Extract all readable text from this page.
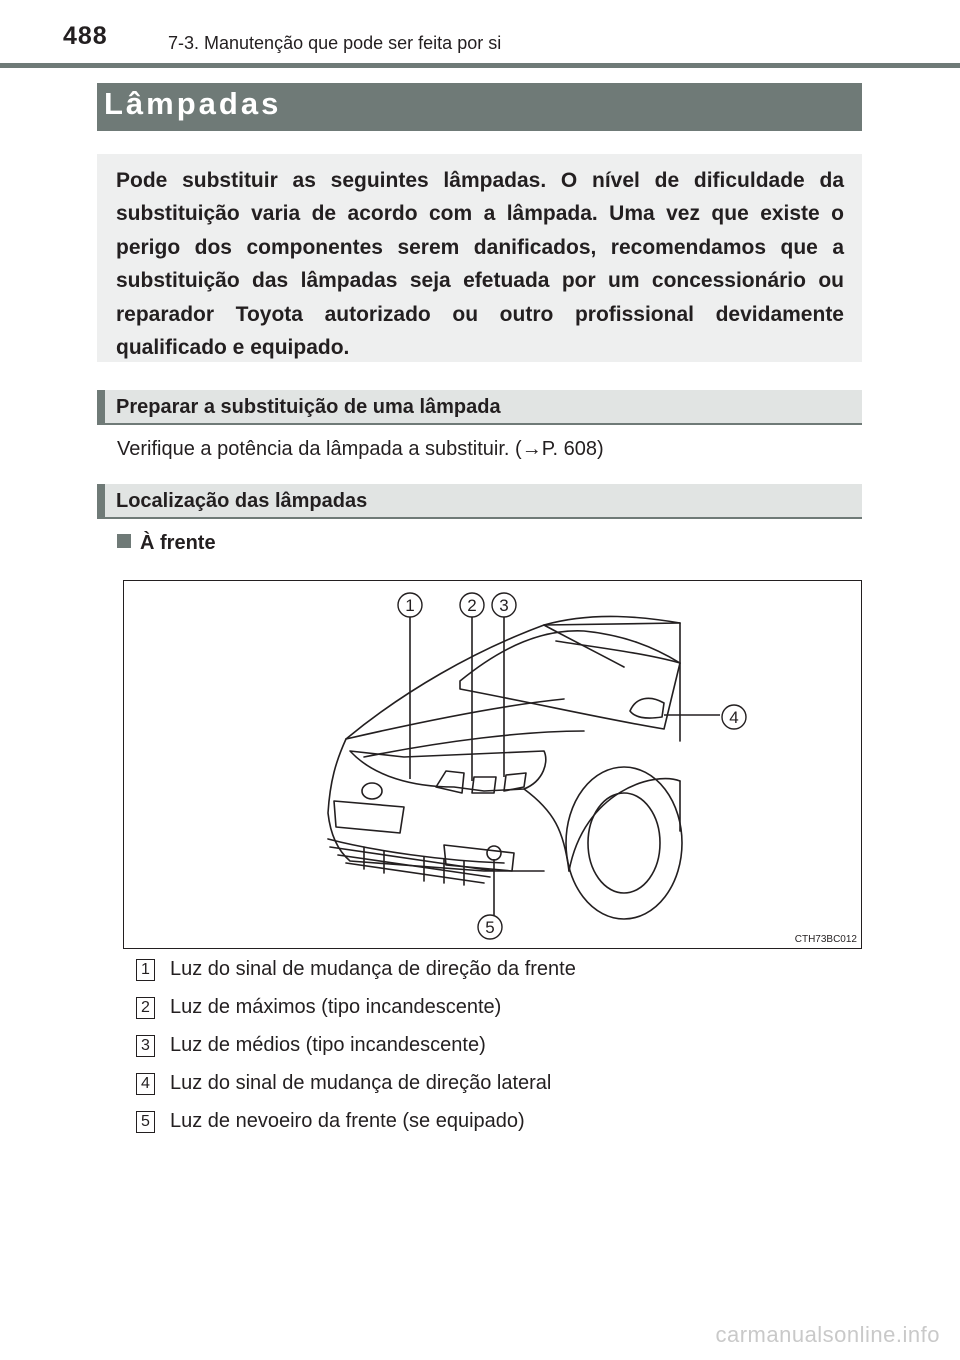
488	7-3. Manutenção que pode ser feita por si
Lâmpadas
Pode substituir as seguintes lâmpadas. O nível de dificuldade da substituição varia de acordo com a lâmpada. Uma vez que existe o perigo dos componentes serem danificados, recomendamos que a substituição das lâmpadas seja efetuada por um concessionário ou reparador Toyota autorizado ou outro profissional devidamente qualificado e equipado.
Preparar a substituição de uma lâmpada
Verifique a potência da lâmpada a substituir. (→P. 608)
Localização das lâmpadas
À frente
1	2 3
4
5
CTH73BC012
1 Luz do sinal de mudança de direção da frente
2 Luz de máximos (tipo incandescente)
3 Luz de médios (tipo incandescente)
4 Luz do sinal de mudança de direção lateral
5 Luz de nevoeiro da frente (se equipado)
carmanualsonline.info
